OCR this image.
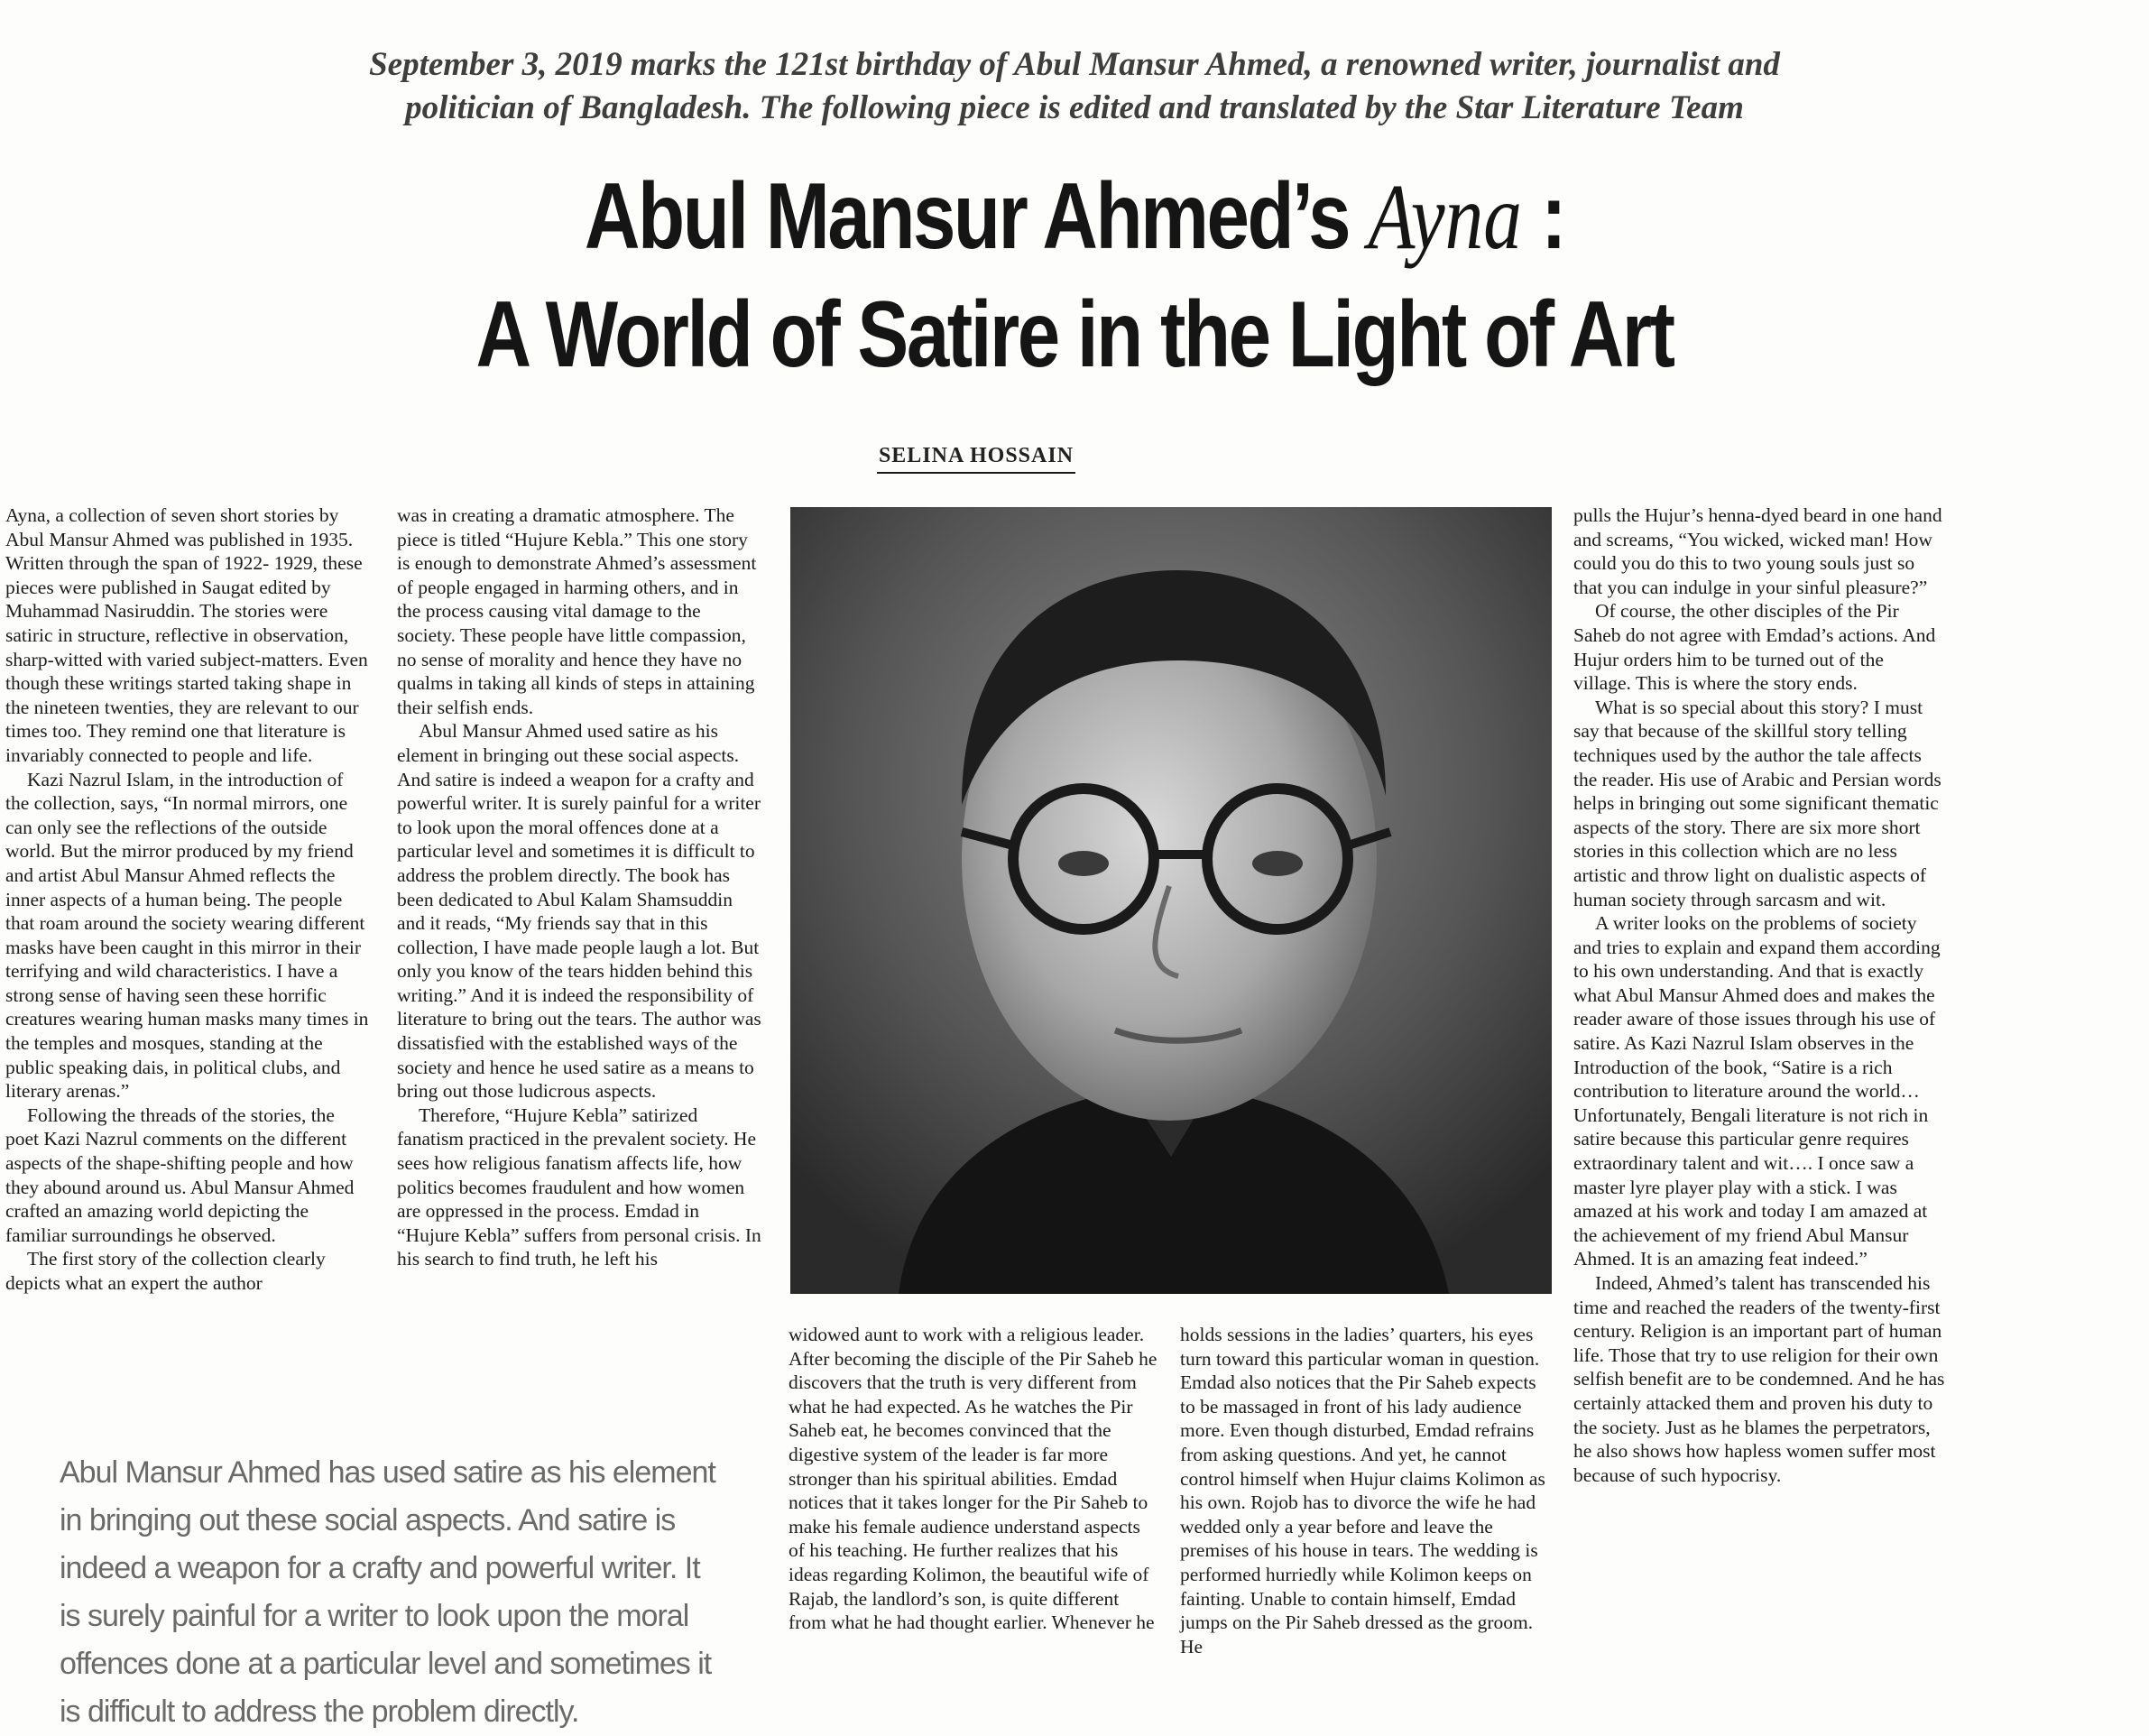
September 3, 2019 marks the 121st birthday of Abul Mansur Ahmed, a renowned writer, journalist and
politician of Bangladesh. The following piece is edited and translated by the Star Literature Team
Abul Mansur Ahmed’s Ayna :
A World of Satire in the Light of Art
SELINA HOSSAIN

Ayna, a collection of seven short stories by Abul Mansur Ahmed was published in 1935. Written through the span of 1922- 1929, these pieces were published in Saugat edited by Muhammad Nasiruddin. The stories were satiric in structure, reflective in observation, sharp-witted with varied subject-matters. Even though these writings started taking shape in the nineteen twenties, they are relevant to our times too. They remind one that literature is invariably connected to people and life.

Kazi Nazrul Islam, in the introduction of the collection, says, “In normal mirrors, one can only see the reflections of the outside world. But the mirror produced by my friend and artist Abul Mansur Ahmed reflects the inner aspects of a human being. The people that roam around the society wearing different masks have been caught in this mirror in their terrifying and wild characteristics. I have a strong sense of having seen these horrific creatures wearing human masks many times in the temples and mosques, standing at the public speaking dais, in political clubs, and literary arenas.”

Following the threads of the stories, the poet Kazi Nazrul comments on the different aspects of the shape-shifting people and how they abound around us. Abul Mansur Ahmed crafted an amazing world depicting the familiar surroundings he observed.

The first story of the collection clearly depicts what an expert the author

was in creating a dramatic atmosphere. The piece is titled “Hujure Kebla.” This one story is enough to demonstrate Ahmed’s assessment of people engaged in harming others, and in the process causing vital damage to the society. These people have little compassion, no sense of morality and hence they have no qualms in taking all kinds of steps in attaining their selfish ends.

Abul Mansur Ahmed used satire as his element in bringing out these social aspects. And satire is indeed a weapon for a crafty and powerful writer. It is surely painful for a writer to look upon the moral offences done at a particular level and sometimes it is difficult to address the problem directly. The book has been dedicated to Abul Kalam Shamsuddin and it reads, “My friends say that in this collection, I have made people laugh a lot. But only you know of the tears hidden behind this writing.” And it is indeed the responsibility of literature to bring out the tears. The author was dissatisfied with the established ways of the society and hence he used satire as a means to bring out those ludicrous aspects.

Therefore, “Hujure Kebla” satirized fanatism practiced in the prevalent society. He sees how religious fanatism affects life, how politics becomes fraudulent and how women are oppressed in the process. Emdad in “Hujure Kebla” suffers from personal crisis. In his search to find truth, he left his

widowed aunt to work with a religious leader. After becoming the disciple of the Pir Saheb he discovers that the truth is very different from what he had expected. As he watches the Pir Saheb eat, he becomes convinced that the digestive system of the leader is far more stronger than his spiritual abilities. Emdad notices that it takes longer for the Pir Saheb to make his female audience understand aspects of his teaching. He further realizes that his ideas regarding Kolimon, the beautiful wife of Rajab, the landlord’s son, is quite different from what he had thought earlier. Whenever he

holds sessions in the ladies’ quarters, his eyes turn toward this particular woman in question. Emdad also notices that the Pir Saheb expects to be massaged in front of his lady audience more. Even though disturbed, Emdad refrains from asking questions. And yet, he cannot control himself when Hujur claims Kolimon as his own. Rojob has to divorce the wife he had wedded only a year before and leave the premises of his house in tears. The wedding is performed hurriedly while Kolimon keeps on fainting. Unable to contain himself, Emdad jumps on the Pir Saheb dressed as the groom. He

pulls the Hujur’s henna-dyed beard in one hand and screams, “You wicked, wicked man! How could you do this to two young souls just so that you can indulge in your sinful pleasure?”

Of course, the other disciples of the Pir Saheb do not agree with Emdad’s actions. And Hujur orders him to be turned out of the village. This is where the story ends.

What is so special about this story? I must say that because of the skillful story telling techniques used by the author the tale affects the reader. His use of Arabic and Persian words helps in bringing out some significant thematic aspects of the story. There are six more short stories in this collection which are no less artistic and throw light on dualistic aspects of human society through sarcasm and wit.

A writer looks on the problems of society and tries to explain and expand them according to his own understanding. And that is exactly what Abul Mansur Ahmed does and makes the reader aware of those issues through his use of satire. As Kazi Nazrul Islam observes in the Introduction of the book, “Satire is a rich contribution to literature around the world… Unfortunately, Bengali literature is not rich in satire because this particular genre requires extraordinary talent and wit…. I once saw a master lyre player play with a stick. I was amazed at his work and today I am amazed at the achievement of my friend Abul Mansur Ahmed. It is an amazing feat indeed.”

Indeed, Ahmed’s talent has transcended his time and reached the readers of the twenty-first century. Religion is an important part of human life. Those that try to use religion for their own selfish benefit are to be condemned. And he has certainly attacked them and proven his duty to the society. Just as he blames the perpetrators, he also shows how hapless women suffer most because of such hypocrisy.

Abul Mansur Ahmed has used satire as his element in bringing out these social aspects. And satire is indeed a weapon for a crafty and powerful writer. It is surely painful for a writer to look upon the moral offences done at a particular level and sometimes it is difficult to address the problem directly.
